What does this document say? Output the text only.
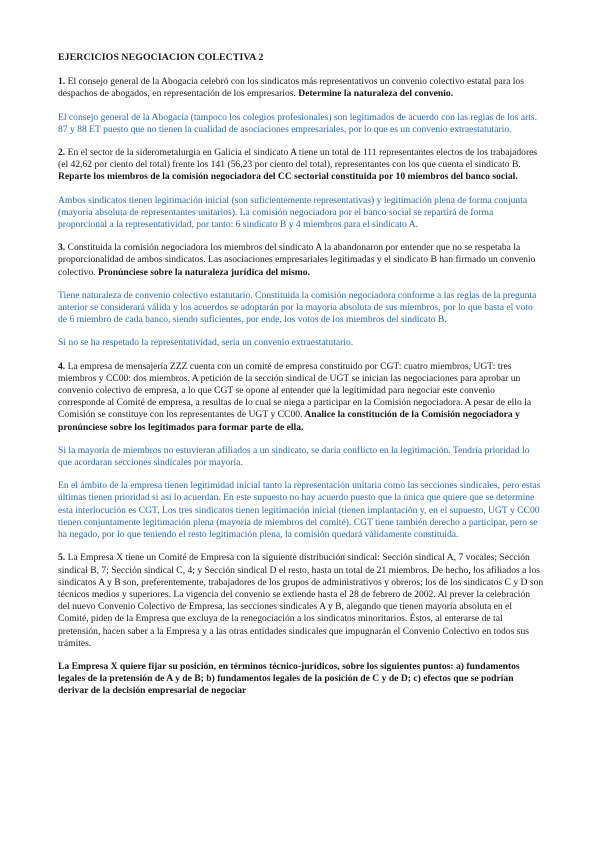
EJERCICIOS NEGOCIACION COLECTIVA 2

1. El consejo general de la Abogacía celebró con los sindicatos más representativos un convenio colectivo estatal para los despachos de abogados, en representación de los empresarios. Determine la naturaleza del convenio.

El consejo general de la Abogacía (tampoco los colegios profesionales) son legitimados de acuerdo con las reglas de los arts. 87 y 88 ET puesto que no tienen la cualidad de asociaciones empresariales, por lo que es un convenio extraestatutario.

2. En el sector de la siderometalurgia en Galicia el sindicato A tiene un total de 111 representantes electos de los trabajadores (el 42,62 por ciento del total) frente los 141 (56,23 por ciento del total), representantes con los que cuenta el sindicato B. Reparte los miembros de la comisión negociadora del CC sectorial constituida por 10 miembros del banco social.

Ambos sindicatos tienen legitimación inicial (son suficientemente representativas) y legitimación plena de forma conjunta (mayoría absoluta de representantes unitarios). La comisión negociadora por el banco social se repartirá de forma proporcional a la representatividad, por tanto: 6 sindicato B y 4 miembros para el sindicato A.

3. Constituida la comisión negociadora los miembros del sindicato A la abandonaron por entender que no se respetaba la proporcionalidad de ambos sindicatos. Las asociaciones empresariales legitimadas y el sindicato B han firmado un convenio colectivo. Pronúnciese sobre la naturaleza jurídica del mismo.

Tiene naturaleza de convenio colectivo estatutario. Constituida la comisión negociadora conforme a las reglas de la pregunta anterior se considerará válida y los acuerdos se adoptarán por la mayoría absoluta de sus miembros, por lo que basta el voto de 6 miembro de cada banco, siendo suficientes, por ende, los votos de los miembros del sindicato B.

Si no se ha respetado la representatividad, sería un convenio extraestatutario.

4. La empresa de mensajería ZZZ cuenta con un comité de empresa constituido por CGT: cuatro miembros, UGT: tres miembros y CC00: dos miembros. A petición de la sección sindical de UGT se inician las negociaciones para aprobar un convenio colectivo de empresa, a lo que CGT se opone al entender que la legitimidad para negociar este convenio corresponde al Comité de empresa, a resultas de lo cual se niega a participar en la Comisión negociadora. A pesar de ello la Comisión se constituye con los representantes de UGT y CC00. Analice la constitución de la Comisión negociadora y pronúnciese sobre los legitimados para formar parte de ella.

Si la mayoría de miembros no estuvieran afiliados a un sindicato, se daría conflicto en la legitimación. Tendría prioridad lo que acordaran secciones sindicales por mayoría.

En el ámbito de la empresa tienen legitimidad inicial tanto la representación unitaria como las secciones sindicales, pero estas últimas tienen prioridad si así lo acuerdan. En este supuesto no hay acuerdo puesto que la única que quiere que se determine esta interlocución es CGT. Los tres sindicatos tienen legitimación inicial (tienen implantación y, en el supuesto, UGT y CC00 tienen conjuntamente legitimación plena (mayoría de miembros del comité). CGT tiene también derecho a participar, pero se ha negado, por lo que teniendo el resto legitimación plena, la comisión quedará válidamente constituida.

5. La Empresa X tiene un Comité de Empresa con la siguiente distribución sindical: Sección sindical A, 7 vocales; Sección sindical B, 7; Sección sindical C, 4; y Sección sindical D el resto, hasta un total de 21 miembros. De hecho, los afiliados a los sindicatos A y B son, preferentemente, trabajadores de los grupos de administrativos y obreros; los de los sindicatos C y D son técnicos medios y superiores. La vigencia del convenio se extiende hasta el 28 de febrero de 2002. Al prever la celebración del nuevo Convenio Colectivo de Empresa, las secciones sindicales A y B, alegando que tienen mayoría absoluta en el Comité, piden de la Empresa que excluya de la renegociación a los sindicatos minoritarios. Éstos, al enterarse de tal pretensión, hacen saber a la Empresa y a las otras entidades sindicales que impugnarán el Convenio Colectivo en todos sus trámites.

La Empresa X quiere fijar su posición, en términos técnico-jurídicos, sobre los siguientes puntos: a) fundamentos legales de la pretensión de A y de B; b) fundamentos legales de la posición de C y de D; c) efectos que se podrían derivar de la decisión empresarial de negociar
